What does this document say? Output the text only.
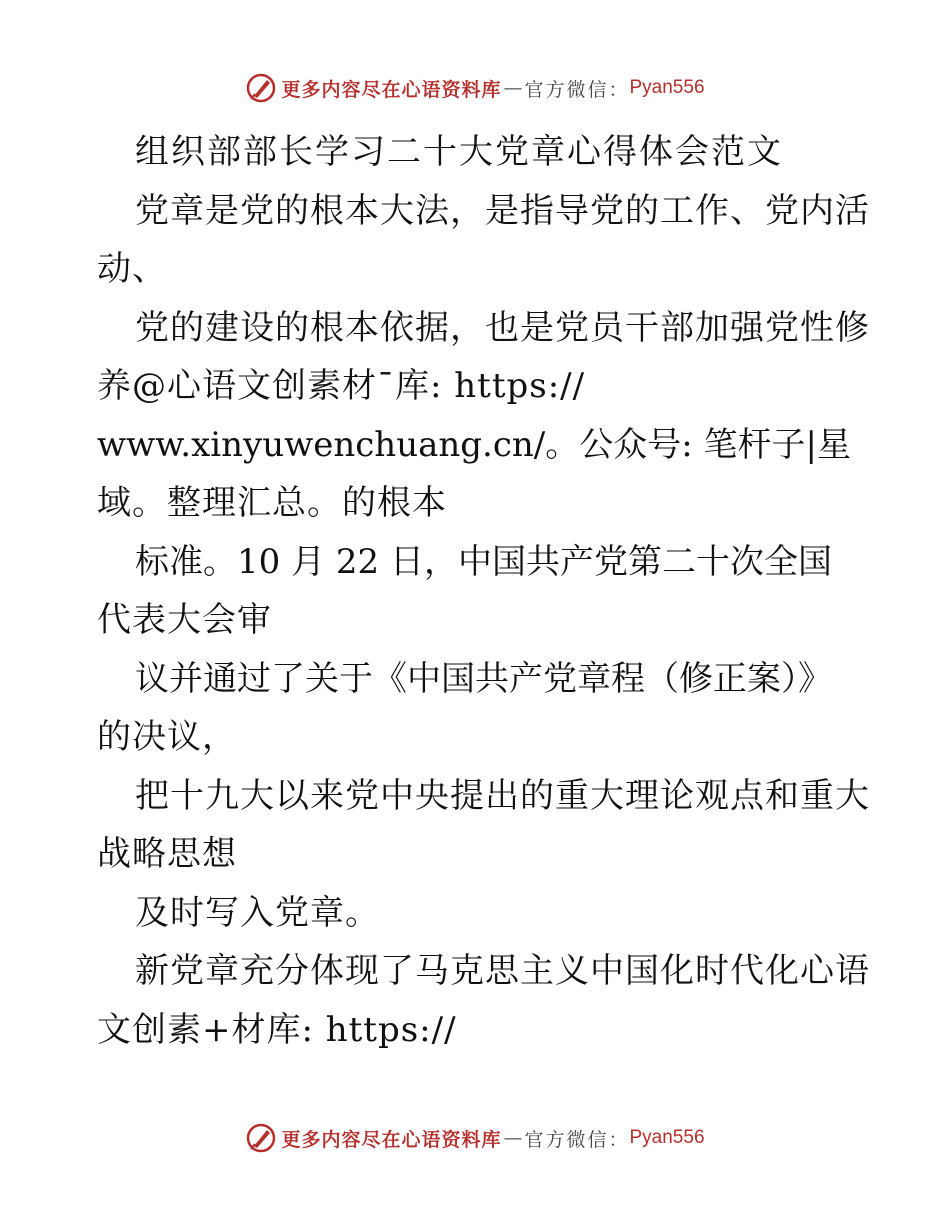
更多内容尽在心语资料库 — 官方微信： Pyan556
组织部部长学习二十大党章心得体会范文
党章是党的根本大法，是指导党的工作、党内活
动、
党的建设的根本依据，也是党员干部加强党性修
养@心语文创素材¯库: https://
www.xinyuwenchuang.cn/。公众号: 笔杆子|星
域。整理汇总。的根本
标准。10 月 22 日，中国共产党第二十次全国
代表大会审
议并通过了关于《中国共产党章程（修正案）》
的决议，
把十九大以来党中央提出的重大理论观点和重大
战略思想
及时写入党章。
新党章充分体现了马克思主义中国化时代化心语
文创素+材库: https://
更多内容尽在心语资料库 — 官方微信： Pyan556
